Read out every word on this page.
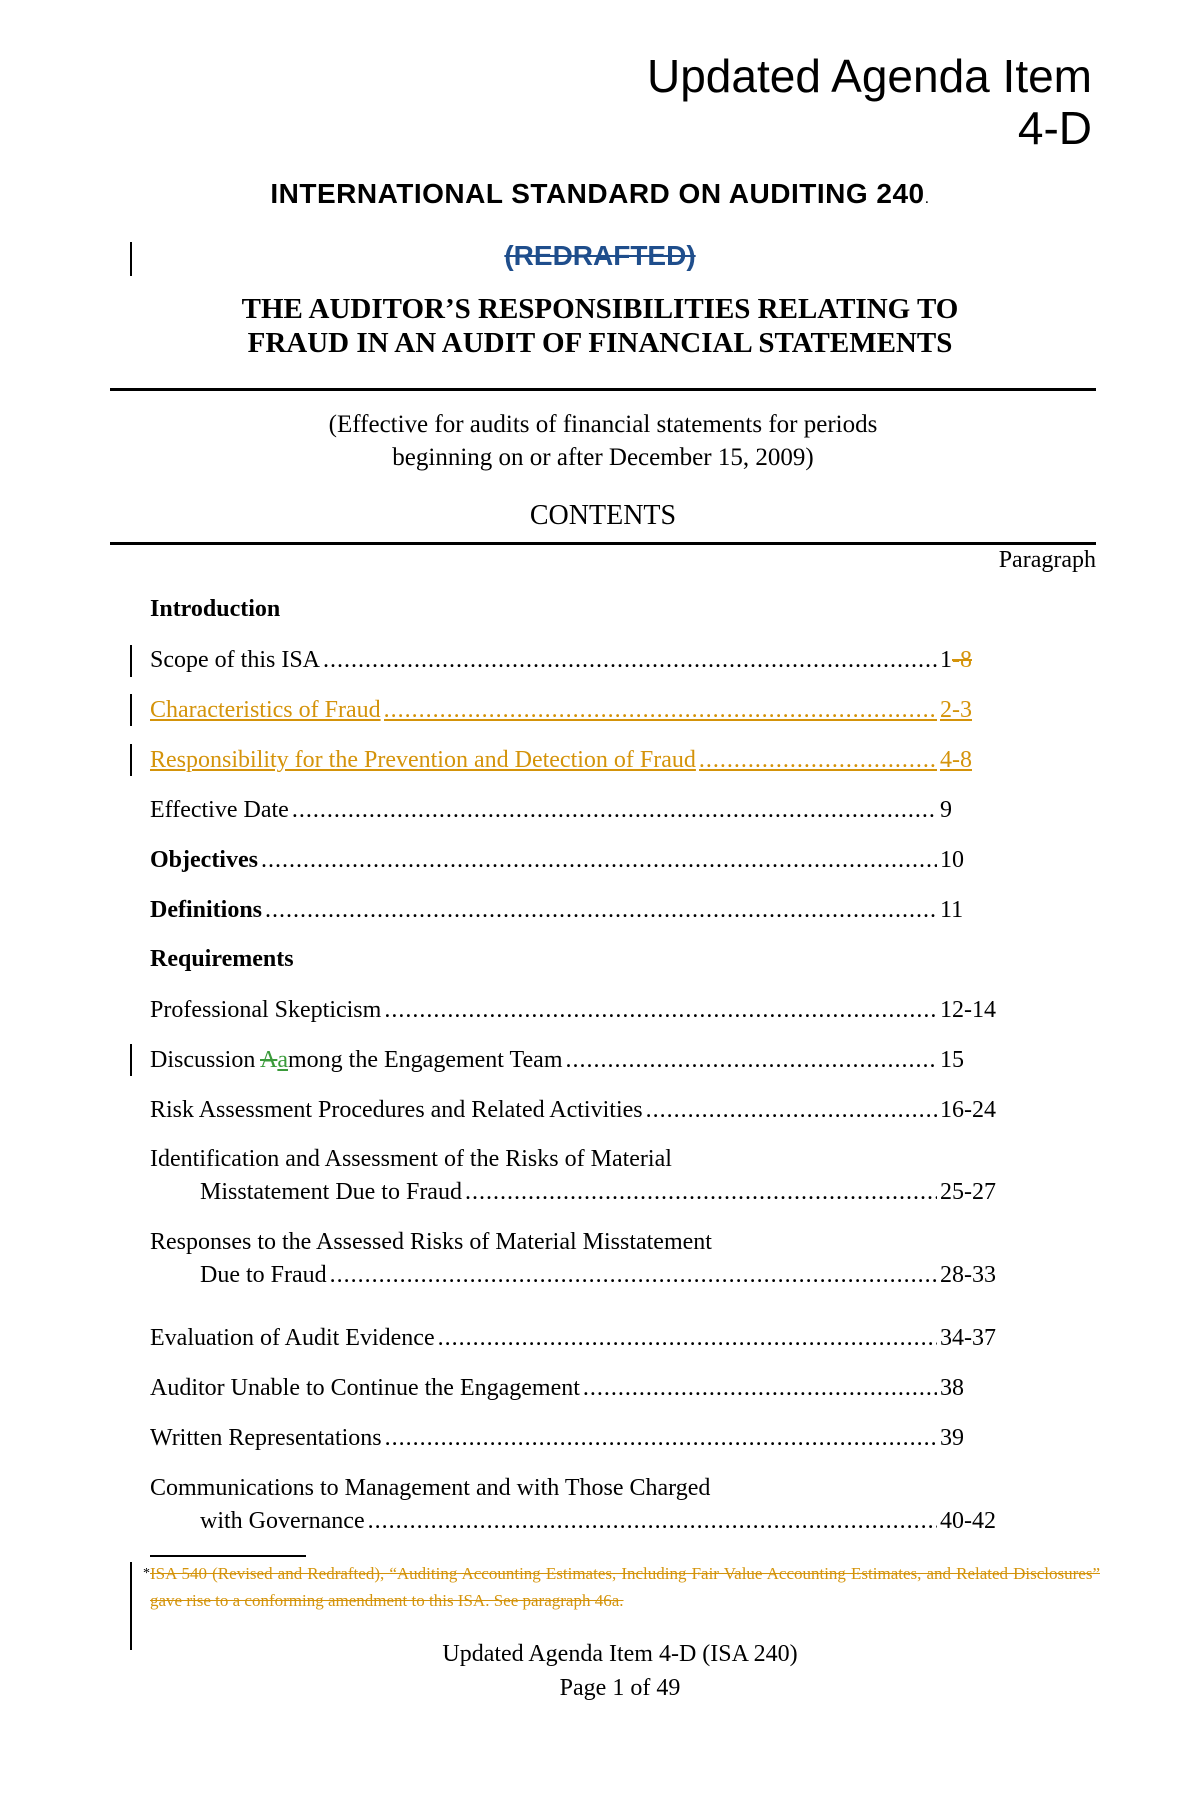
Updated Agenda Item
4-D
INTERNATIONAL STANDARD ON AUDITING 240.
(REDRAFTED)
THE AUDITOR’S RESPONSIBILITIES RELATING TO
FRAUD IN AN AUDIT OF FINANCIAL STATEMENTS
(Effective for audits of financial statements for periods
beginning on or after December 15, 2009)
CONTENTS
Paragraph
Introduction
Scope of this ISA .....	1-8
Characteristics of Fraud .....	2-3
Responsibility for the Prevention and Detection of Fraud .....	4-8
Effective Date .....	9
Objectives .....	10
Definitions .....	11
Requirements
Professional Skepticism .....	12-14
Discussion Aamong the Engagement Team .....	15
Risk Assessment Procedures and Related Activities .....	16-24
Identification and Assessment of the Risks of Material
Misstatement Due to Fraud .....	25-27
Responses to the Assessed Risks of Material Misstatement
Due to Fraud .....	28-33
Evaluation of Audit Evidence .....	34-37
Auditor Unable to Continue the Engagement .....	38
Written Representations .....	39
Communications to Management and with Those Charged
with Governance .....	40-42
* ISA 540 (Revised and Redrafted), “Auditing Accounting Estimates, Including Fair Value Accounting Estimates, and Related Disclosures” gave rise to a conforming amendment to this ISA. See paragraph 46a.
Updated Agenda Item 4-D (ISA 240)
Page 1 of 49
